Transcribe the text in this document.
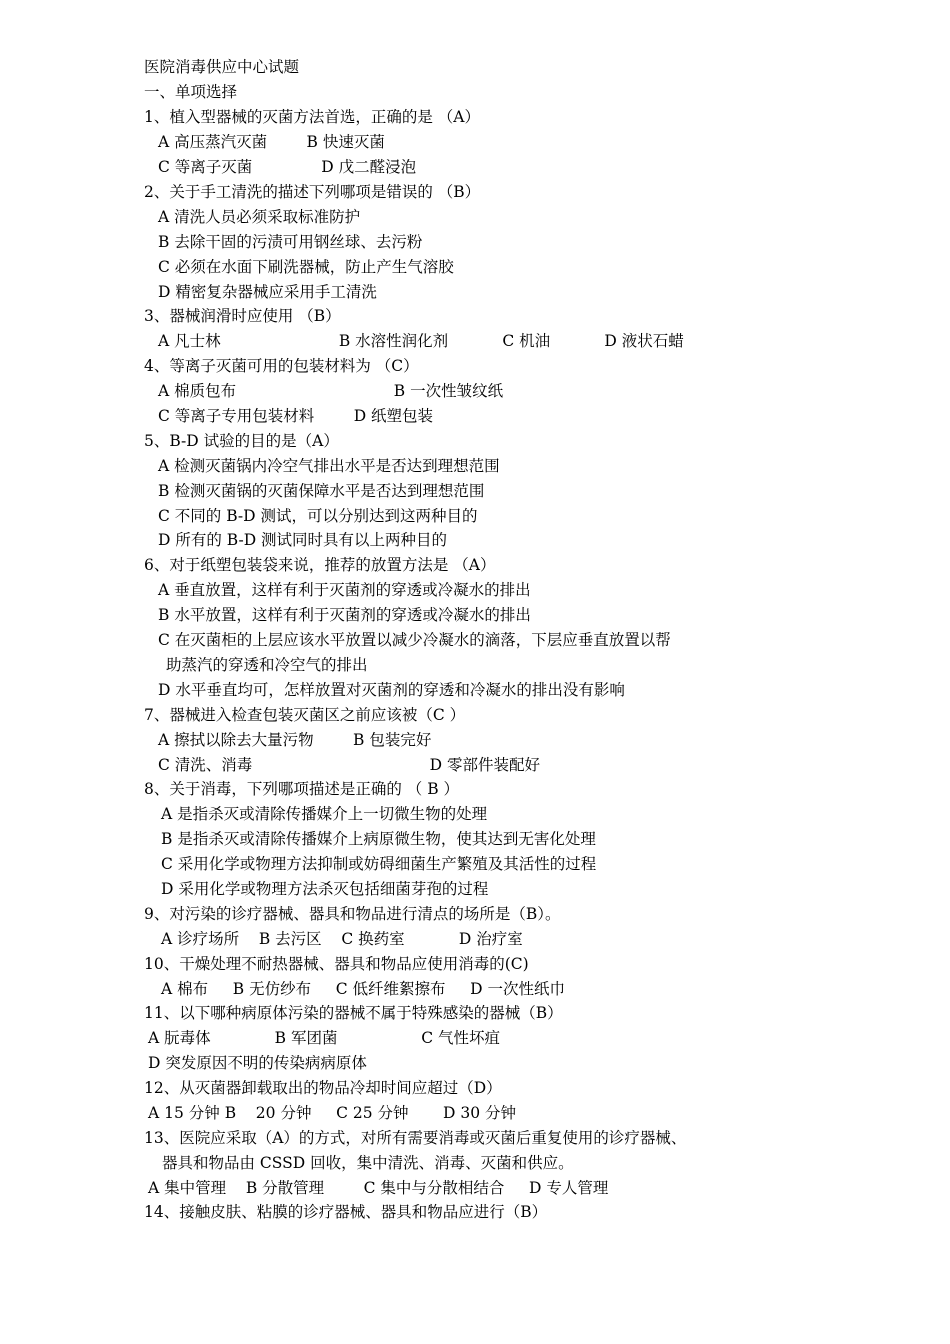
医院消毒供应中心试题
一、单项选择
1、植入型器械的灭菌方法首选，正确的是 （A）
A 高压蒸汽灭菌        B 快速灭菌
C 等离子灭菌              D 戊二醛浸泡
2、关于手工清洗的描述下列哪项是错误的 （B）
A 清洗人员必须采取标准防护
B 去除干固的污渍可用钢丝球、去污粉
C 必须在水面下刷洗器械，防止产生气溶胶
D 精密复杂器械应采用手工清洗
3、器械润滑时应使用 （B）
A 凡士林                        B 水溶性润化剂           C 机油           D 液状石蜡
4、等离子灭菌可用的包装材料为 （C）
A 棉质包布                                B 一次性皱纹纸
C 等离子专用包装材料        D 纸塑包装
5、B-D 试验的目的是（A）
A 检测灭菌锅内冷空气排出水平是否达到理想范围
B 检测灭菌锅的灭菌保障水平是否达到理想范围
C 不同的 B-D 测试，可以分别达到这两种目的
D 所有的 B-D 测试同时具有以上两种目的
6、对于纸塑包装袋来说，推荐的放置方法是 （A）
A 垂直放置，这样有利于灭菌剂的穿透或冷凝水的排出
B 水平放置，这样有利于灭菌剂的穿透或冷凝水的排出
C 在灭菌柜的上层应该水平放置以减少冷凝水的滴落，下层应垂直放置以帮
助蒸汽的穿透和冷空气的排出
D 水平垂直均可，怎样放置对灭菌剂的穿透和冷凝水的排出没有影响
7、器械进入检查包装灭菌区之前应该被（C ）
A 擦拭以除去大量污物        B 包装完好
C 清洗、消毒                                    D 零部件装配好
8、关于消毒，下列哪项描述是正确的 （ B ）
A 是指杀灭或清除传播媒介上一切微生物的处理
B 是指杀灭或清除传播媒介上病原微生物，使其达到无害化处理
C 采用化学或物理方法抑制或妨碍细菌生产繁殖及其活性的过程
D 采用化学或物理方法杀灭包括细菌芽孢的过程
9、对污染的诊疗器械、器具和物品进行清点的场所是（B）。
A 诊疗场所    B 去污区    C 换药室           D 治疗室
10、干燥处理不耐热器械、器具和物品应使用消毒的(C)
A 棉布     B 无仿纱布     C 低纤维絮擦布     D 一次性纸巾
11、以下哪种病原体污染的器械不属于特殊感染的器械（B）
A 朊毒体             B 军团菌                 C 气性坏疽
D 突发原因不明的传染病病原体
12、从灭菌器卸载取出的物品冷却时间应超过（D）
A 15 分钟 B    20 分钟     C 25 分钟       D 30 分钟
13、医院应采取（A）的方式，对所有需要消毒或灭菌后重复使用的诊疗器械、
器具和物品由 CSSD 回收，集中清洗、消毒、灭菌和供应。
A 集中管理    B 分散管理        C 集中与分散相结合     D 专人管理
14、接触皮肤、粘膜的诊疗器械、器具和物品应进行（B）
